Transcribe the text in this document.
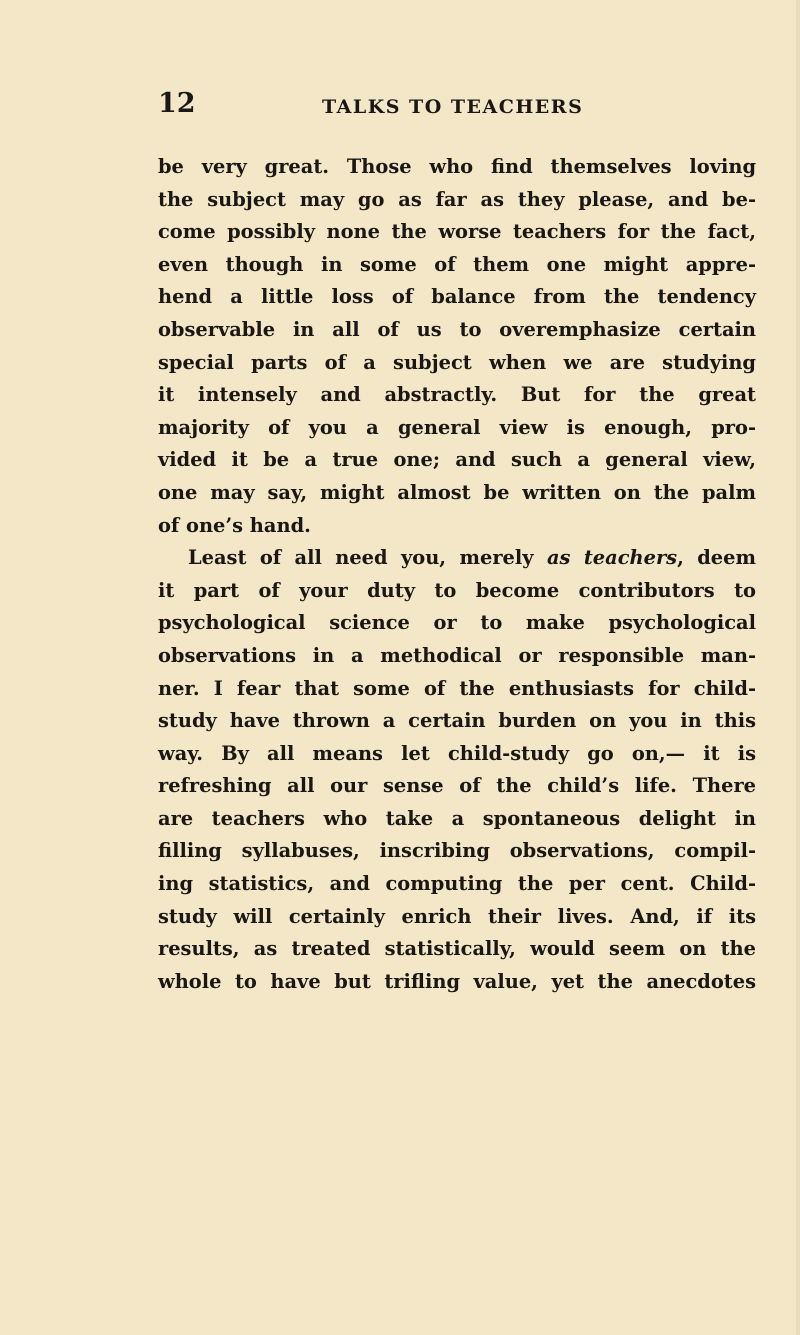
12	TALKS TO TEACHERS
be very great. Those who find themselves loving
the subject may go as far as they please, and be-
come possibly none the worse teachers for the fact,
even though in some of them one might appre-
hend a little loss of balance from the tendency
observable in all of us to overemphasize certain
special parts of a subject when we are studying
it intensely and abstractly. But for the great
majority of you a general view is enough, pro-
vided it be a true one; and such a general view,
one may say, might almost be written on the palm
of one’s hand.
Least of all need you, merely as teachers, deem
it part of your duty to become contributors to
psychological science or to make psychological
observations in a methodical or responsible man-
ner. I fear that some of the enthusiasts for child-
study have thrown a certain burden on you in this
way. By all means let child-study go on,— it is
refreshing all our sense of the child’s life. There
are teachers who take a spontaneous delight in
filling syllabuses, inscribing observations, compil-
ing statistics, and computing the per cent. Child-
study will certainly enrich their lives. And, if its
results, as treated statistically, would seem on the
whole to have but trifling value, yet the anecdotes
